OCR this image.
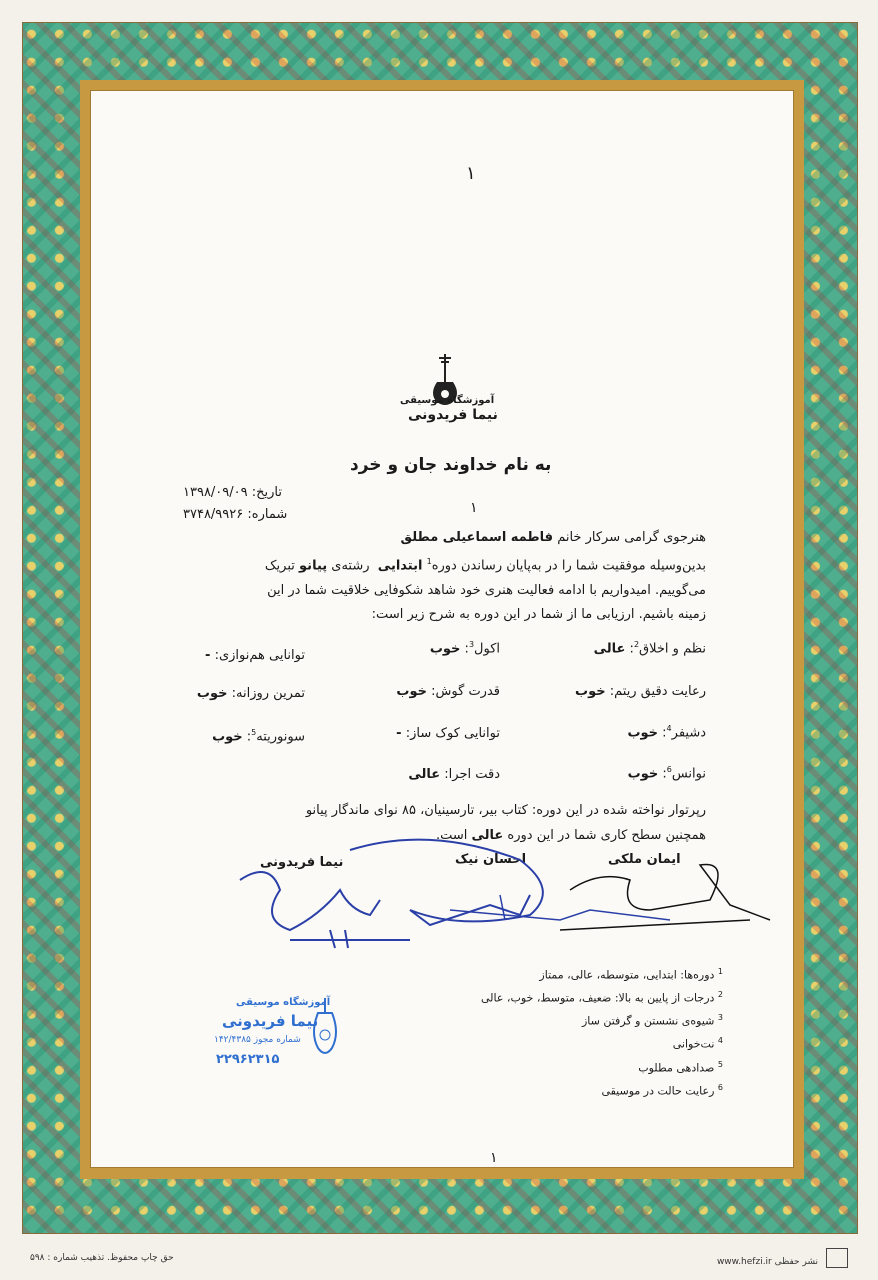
۱
آموزشگاه موسیقی
نیما فریدونی
به نام خداوند جان و خرد
تاریخ: ۱۳۹۸/۰۹/۰۹
شماره: ۳۷۴۸/۹۹۲۶	۱
هنرجوی گرامی سرکار خانم فاطمه اسماعیلی مطلق
بدین‌وسیله موفقیت شما را در به‌پایان رساندن دوره$^1$ ابتدایی  رشته‌ی پیانو تبریک
می‌گوییم. امیدواریم با ادامه فعالیت هنری خود شاهد شکوفایی خلاقیت شما در این
زمینه باشیم. ارزیابی ما از شما در این دوره به شرح زیر است:
نظم و اخلاق$^2$: عالی
اکول$^3$: خوب
توانایی هم‌نوازی: -
رعایت دقیق ریتم: خوب
قدرت گوش: خوب
تمرین روزانه: خوب
دشیفر$^4$: خوب
توانایی کوک ساز: -
سونوریته$^5$: خوب
نوانس$^6$: خوب
دقت اجرا: عالی
رپرتوار نواخته شده در این دوره: کتاب بیر، تارسینیان، ۸۵ نوای ماندگار پیانو
همچنین سطح کاری شما در این دوره عالی است.
ایمان ملکی
احسان نیک
نیما فریدونی
آموزشگاه موسیقی
نیما فریدونی
شماره مجوز ۱۴۲/۴۳۸۵
۲۲۹۶۲۳۱۵
$^1$ دوره‌ها: ابتدایی، متوسطه، عالی، ممتاز
$^2$ درجات از پایین به بالا: ضعیف، متوسط، خوب، عالی
$^3$ شیوه‌ی نشستن و گرفتن ساز
$^4$ نت‌خوانی
$^5$ صدادهی مطلوب
$^6$ رعایت حالت در موسیقی
۱
حق چاپ محفوظ. تذهیب شماره : ۵۹۸	www.hefzi.ir نشر حفظی
